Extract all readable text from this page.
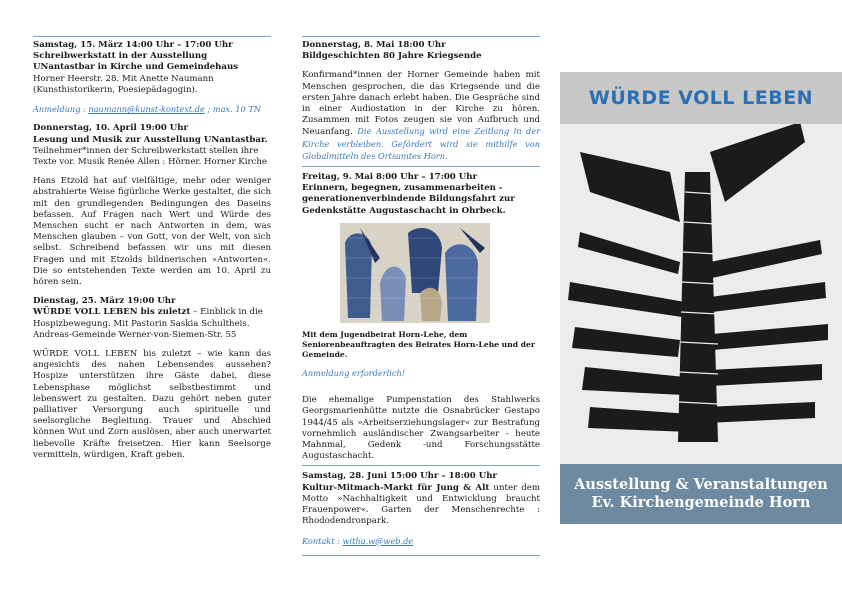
Samstag, 15. März 14:00 Uhr – 17:00 Uhr

Schreibwerkstatt in der Ausstellung UNantastbar in Kirche und Gemeindehaus

Horner Heerstr. 28. Mit Anette Naumann (Kunsthistorikerin, Poesiepädagogin).

Anmeldung : naumann@kunst-kontext.de ; max. 10 TN

Donnerstag, 10. April 19:00 Uhr

Lesung und Musik zur Ausstellung UNantastbar. Teilnehmer*innen der Schreibwerkstatt stellen ihre Texte vor. Musik Renée Allen : Hörner. Horner Kirche

Hans Etzold hat auf vielfältige, mehr oder weniger abstrahierte Weise figürliche Werke gestaltet, die sich mit den grundlegenden Bedingungen des Daseins befassen. Auf Fragen nach Wert und Würde des Menschen sucht er nach Antworten in dem, was Menschen glauben – von Gott, von der Welt, von sich selbst. Schreibend befassen wir uns mit diesen Fragen und mit Etzolds bildnerischen »Antworten«. Die so entstehenden Texte werden am 10. April zu hören sein.

Dienstag, 25. März 19:00 Uhr

WÜRDE VOLL LEBEN bis zuletzt – Einblick in die Hospizbewegung. Mit Pastorin Saskia Schultheis. Andreas-Gemeinde Werner-von-Siemen-Str. 55

WÜRDE VOLL LEBEN bis zuletzt – wie kann das angesichts des nahen Lebensendes aussehen? Hospize unterstützen ihre Gäste dabei, diese Lebensphase möglichst selbstbestimmt und lebenswert zu gestalten. Dazu gehört neben guter palliativer Versorgung auch spirituelle und seelsorgliche Begleitung. Trauer und Abschied können Wut und Zorn auslösen, aber auch unerwartet liebevolle Kräfte freisetzen. Hier kann Seelsorge vermitteln, würdigen, Kraft geben.

Donnerstag, 8. Mai 18:00 Uhr

Bildgeschichten 80 Jahre Kriegsende

Konfirmand*innen der Horner Gemeinde haben mit Menschen gesprochen, die das Kriegsende und die ersten Jahre danach erlebt haben. Die Gespräche sind in einer Audiostation in der Kirche zu hören. Zusammen mit Fotos zeugen sie von Aufbruch und Neuanfang. Die Ausstellung wird eine Zeitlang in der Kirche verbleiben. Gefördert wird sie mithilfe von Globalmitteln des Ortsamtes Horn.

Freitag, 9. Mai 8:00 Uhr – 17:00 Uhr

Erinnern, begegnen, zusammenarbeiten - generationenverbindende Bildungsfahrt zur Gedenkstätte Augustaschacht in Ohrbeck.

Mit dem Jugendbeirat Horn-Lehe, dem Seniorenbeauftragten des Beirates Horn-Lehe und der Gemeinde.

Anmeldung erforderlich!

Die ehemalige Pumpenstation des Stahlwerks Georgsmarienhütte nutzte die Osnabrücker Gestapo 1944/45 als »Arbeitserziehungslager« zur Bestrafung vornehmlich ausländischer Zwangsarbeiter - heute Mahnmal, Gedenk -und Forschungsstätte Augustaschacht.

Samstag, 28. Juni 15:00 Uhr – 18:00 Uhr

Kultur-Mitmach-Markt für Jung & Alt unter dem Motto »Nachhaltigkeit und Entwicklung braucht Frauenpower«. Garten der Menschenrechte : Rhododendronpark.

Kontakt : witha.w@web.de

WÜRDE VOLL LEBEN
Ausstellung & Veranstaltungen
Ev. Kirchengemeinde Horn
